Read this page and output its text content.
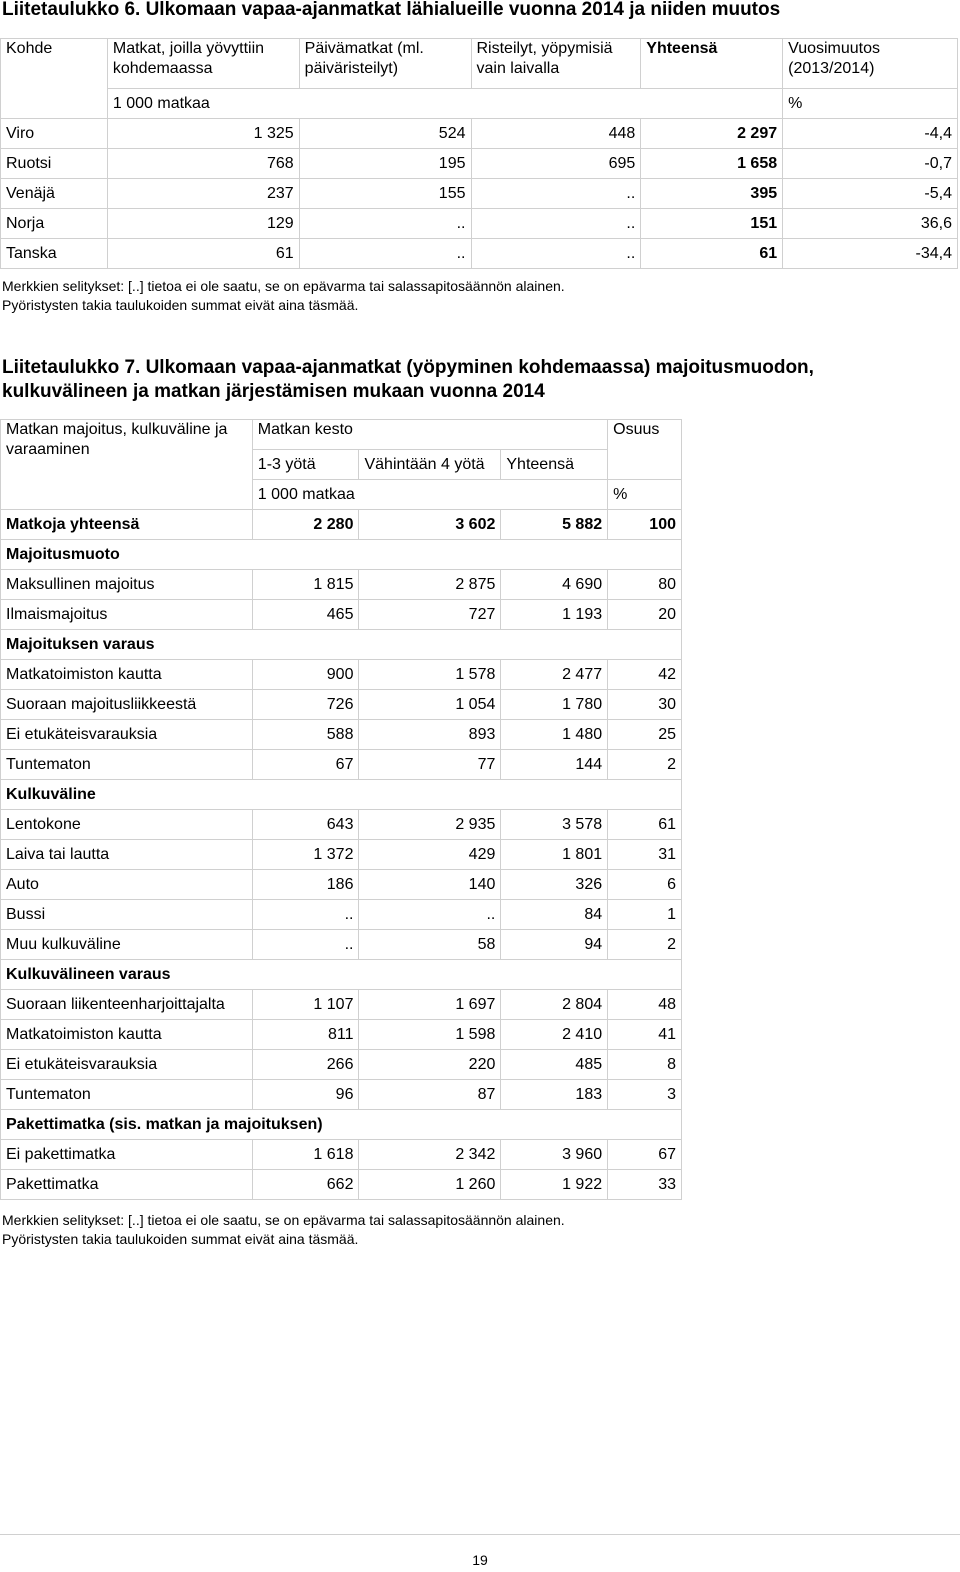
Liitetaulukko 6. Ulkomaan vapaa-ajanmatkat lähialueille vuonna 2014 ja niiden muutos
Kohde	Matkat, joilla yövyttiin kohdemaassa	Päivämatkat (ml. päiväristeilyt)	Risteilyt, yöpymisiä vain laivalla	Yhteensä	Vuosimuutos (2013/2014)
	1 000 matkaa				%
Viro	1 325	524	448	2 297	-4,4
Ruotsi	768	195	695	1 658	-0,7
Venäjä	237	155	..	395	-5,4
Norja	129	..	..	151	36,6
Tanska	61	..	..	61	-34,4
Merkkien selitykset: [..] tietoa ei ole saatu, se on epävarma tai salassapitosäännön alainen.
Pyöristysten takia taulukoiden summat eivät aina täsmää.
Liitetaulukko 7. Ulkomaan vapaa-ajanmatkat (yöpyminen kohdemaassa) majoitusmuodon,
kulkuvälineen ja matkan järjestämisen mukaan vuonna 2014
Matkan majoitus, kulkuväline ja varaaminen	Matkan kesto			Osuus
	1-3 yötä	Vähintään 4 yötä	Yhteensä	
	1 000 matkaa			%
Matkoja yhteensä	2 280	3 602	5 882	100
Majoitusmuoto				
Maksullinen majoitus	1 815	2 875	4 690	80
Ilmaismajoitus	465	727	1 193	20
Majoituksen varaus				
Matkatoimiston kautta	900	1 578	2 477	42
Suoraan majoitusliikkeestä	726	1 054	1 780	30
Ei etukäteisvarauksia	588	893	1 480	25
Tuntematon	67	77	144	2
Kulkuväline				
Lentokone	643	2 935	3 578	61
Laiva tai lautta	1 372	429	1 801	31
Auto	186	140	326	6
Bussi	..	..	84	1
Muu kulkuväline	..	58	94	2
Kulkuvälineen varaus				
Suoraan liikenteenharjoittajalta	1 107	1 697	2 804	48
Matkatoimiston kautta	811	1 598	2 410	41
Ei etukäteisvarauksia	266	220	485	8
Tuntematon	96	87	183	3
Pakettimatka (sis. matkan ja majoituksen)				
Ei pakettimatka	1 618	2 342	3 960	67
Pakettimatka	662	1 260	1 922	33
Merkkien selitykset: [..] tietoa ei ole saatu, se on epävarma tai salassapitosäännön alainen.
Pyöristysten takia taulukoiden summat eivät aina täsmää.
19
